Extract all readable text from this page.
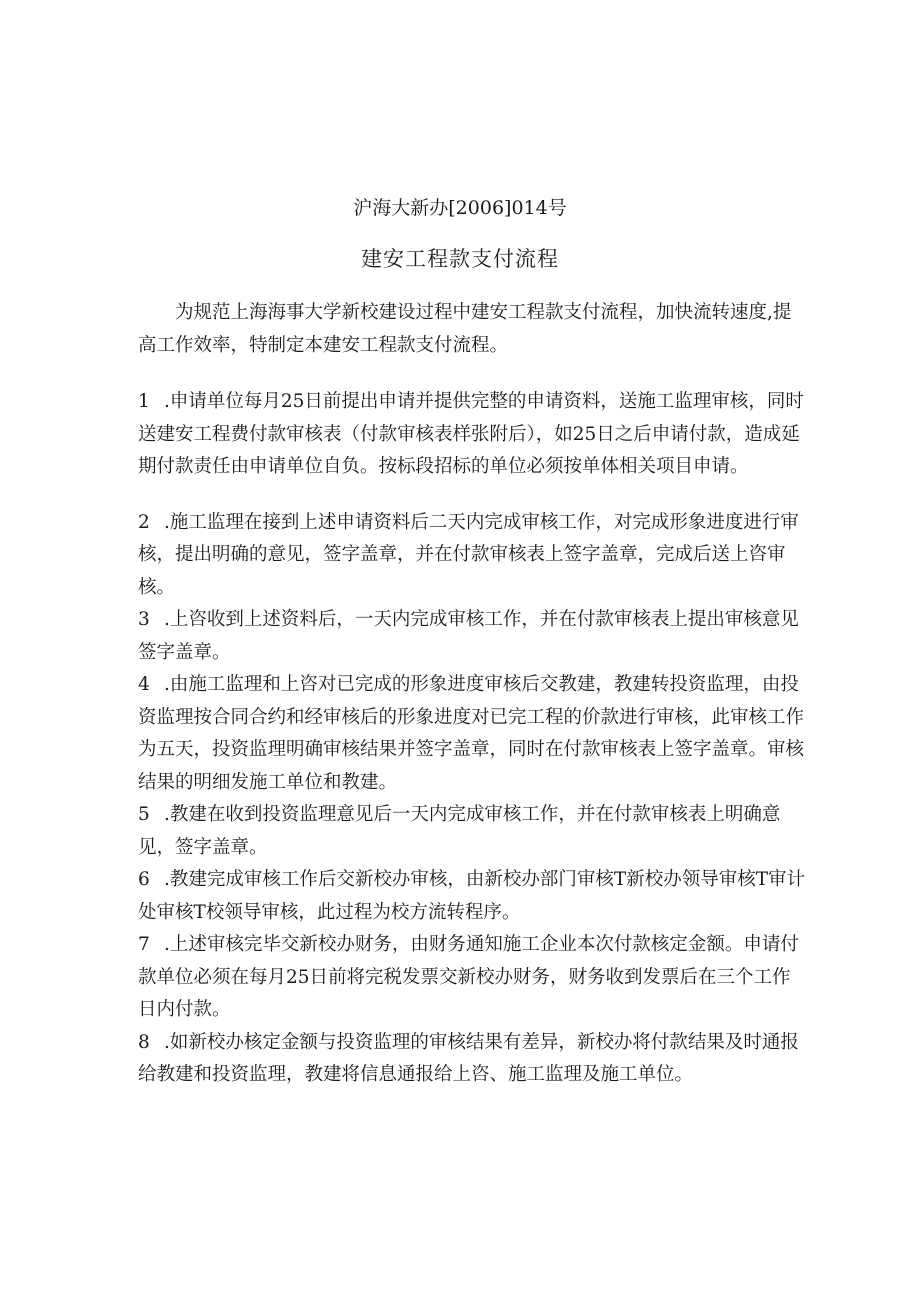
沪海大新办[2006]014号
建安工程款支付流程

为规范上海海事大学新校建设过程中建安工程款支付流程，加快流转速度,提高工作效率，特制定本建安工程款支付流程。

1 .申请单位每月25日前提出申请并提供完整的申请资料，送施工监理审核，同时送建安工程费付款审核表（付款审核表样张附后），如25日之后申请付款，造成延期付款责任由申请单位自负。按标段招标的单位必须按单体相关项目申请。

2 .施工监理在接到上述申请资料后二天内完成审核工作，对完成形象进度进行审核，提出明确的意见，签字盖章，并在付款审核表上签字盖章，完成后送上咨审核。

3 .上咨收到上述资料后，一天内完成审核工作，并在付款审核表上提出审核意见签字盖章。

4 .由施工监理和上咨对已完成的形象进度审核后交教建，教建转投资监理，由投资监理按合同合约和经审核后的形象进度对已完工程的价款进行审核，此审核工作为五天，投资监理明确审核结果并签字盖章，同时在付款审核表上签字盖章。审核结果的明细发施工单位和教建。

5 .教建在收到投资监理意见后一天内完成审核工作，并在付款审核表上明确意见，签字盖章。

6 .教建完成审核工作后交新校办审核，由新校办部门审核T新校办领导审核T审计处审核T校领导审核，此过程为校方流转程序。

7 .上述审核完毕交新校办财务，由财务通知施工企业本次付款核定金额。申请付款单位必须在每月25日前将完税发票交新校办财务，财务收到发票后在三个工作日内付款。

8 .如新校办核定金额与投资监理的审核结果有差异，新校办将付款结果及时通报给教建和投资监理，教建将信息通报给上咨、施工监理及施工单位。
